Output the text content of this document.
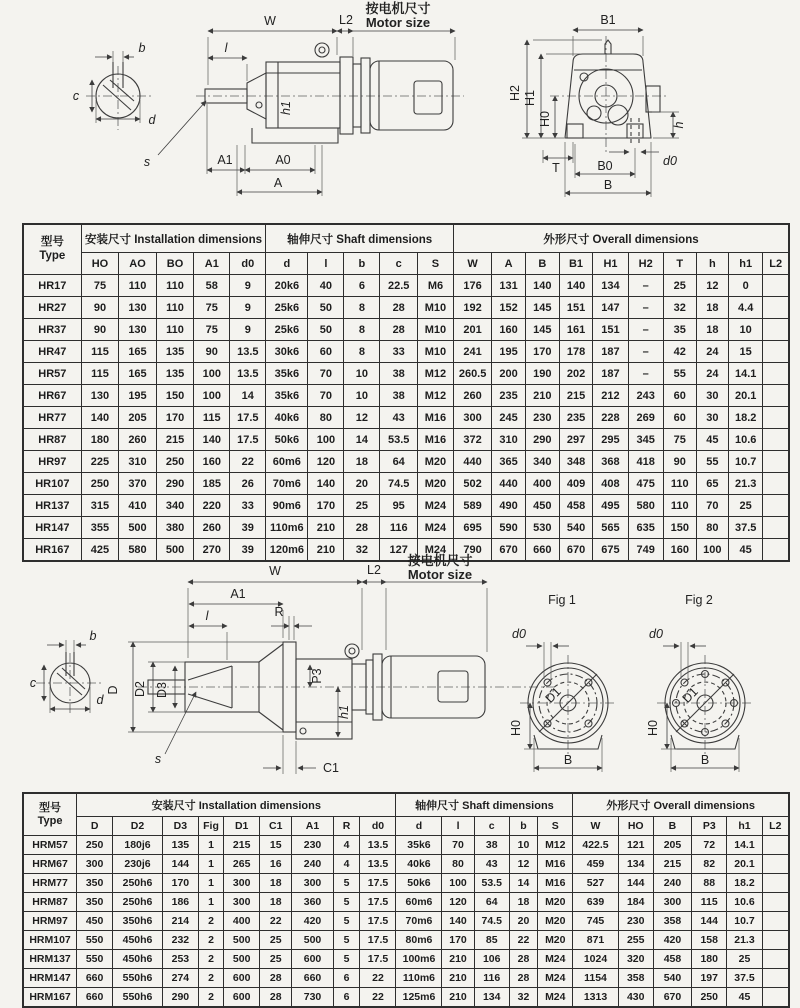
b
c
d
s
W	L2
按电机尺寸
Motor size
l
h1
A1	A0
A
B1
H2 H1
H0	h
T	d0
B0
B
型号
Type	安装尺寸 Installation dimensions					轴伸尺寸 Shaft dimensions					外形尺寸 Overall dimensions									
	HO	AO	BO	A1	d0	d	l	b	c	S	W	A	B	B1	H1	H2	T	h	h1	L2
HR17	75	110	110	58	9	20k6	40	6	22.5	M6	176	131	140	140	134	–	25	12	0	
HR27	90	130	110	75	9	25k6	50	8	28	M10	192	152	145	151	147	–	32	18	4.4	
HR37	90	130	110	75	9	25k6	50	8	28	M10	201	160	145	161	151	–	35	18	10	
HR47	115	165	135	90	13.5	30k6	60	8	33	M10	241	195	170	178	187	–	42	24	15	
HR57	115	165	135	100	13.5	35k6	70	10	38	M12	260.5	200	190	202	187	–	55	24	14.1	
HR67	130	195	150	100	14	35k6	70	10	38	M12	260	235	210	215	212	243	60	30	20.1	
HR77	140	205	170	115	17.5	40k6	80	12	43	M16	300	245	230	235	228	269	60	30	18.2	
HR87	180	260	215	140	17.5	50k6	100	14	53.5	M16	372	310	290	297	295	345	75	45	10.6	
HR97	225	310	250	160	22	60m6	120	18	64	M20	440	365	340	348	368	418	90	55	10.7	
HR107	250	370	290	185	26	70m6	140	20	74.5	M20	502	440	400	409	408	475	110	65	21.3	
HR137	315	410	340	220	33	90m6	170	25	95	M24	589	490	450	458	495	580	110	70	25	
HR147	355	500	380	260	39	110m6	210	28	116	M24	695	590	530	540	565	635	150	80	37.5	
HR167	425	580	500	270	39	120m6	210	32	127	M24	790	670	660	670	675	749	160	100	45	
b
c
d
s
W	L2
按电机尺寸
Motor size
A1
l	R
D D2 D3
P3
h1
C1
Fig 1
d0
D1
H0
B
Fig 2
d0
D1
H0
B
型号
Type	安装尺寸 Installation dimensions									轴伸尺寸 Shaft dimensions					外形尺寸 Overall dimensions					
	D	D2	D3	Fig	D1	C1	A1	R	d0	d	l	c	b	S	W	HO	B	P3	h1	L2
HRM57	250	180j6	135	1	215	15	230	4	13.5	35k6	70	38	10	M12	422.5	121	205	72	14.1	
HRM67	300	230j6	144	1	265	16	240	4	13.5	40k6	80	43	12	M16	459	134	215	82	20.1	
HRM77	350	250h6	170	1	300	18	300	5	17.5	50k6	100	53.5	14	M16	527	144	240	88	18.2	
HRM87	350	250h6	186	1	300	18	360	5	17.5	60m6	120	64	18	M20	639	184	300	115	10.6	
HRM97	450	350h6	214	2	400	22	420	5	17.5	70m6	140	74.5	20	M20	745	230	358	144	10.7	
HRM107	550	450h6	232	2	500	25	500	5	17.5	80m6	170	85	22	M20	871	255	420	158	21.3	
HRM137	550	450h6	253	2	500	25	600	5	17.5	100m6	210	106	28	M24	1024	320	458	180	25	
HRM147	660	550h6	274	2	600	28	660	6	22	110m6	210	116	28	M24	1154	358	540	197	37.5	
HRM167	660	550h6	290	2	600	28	730	6	22	125m6	210	134	32	M24	1313	430	670	250	45	
